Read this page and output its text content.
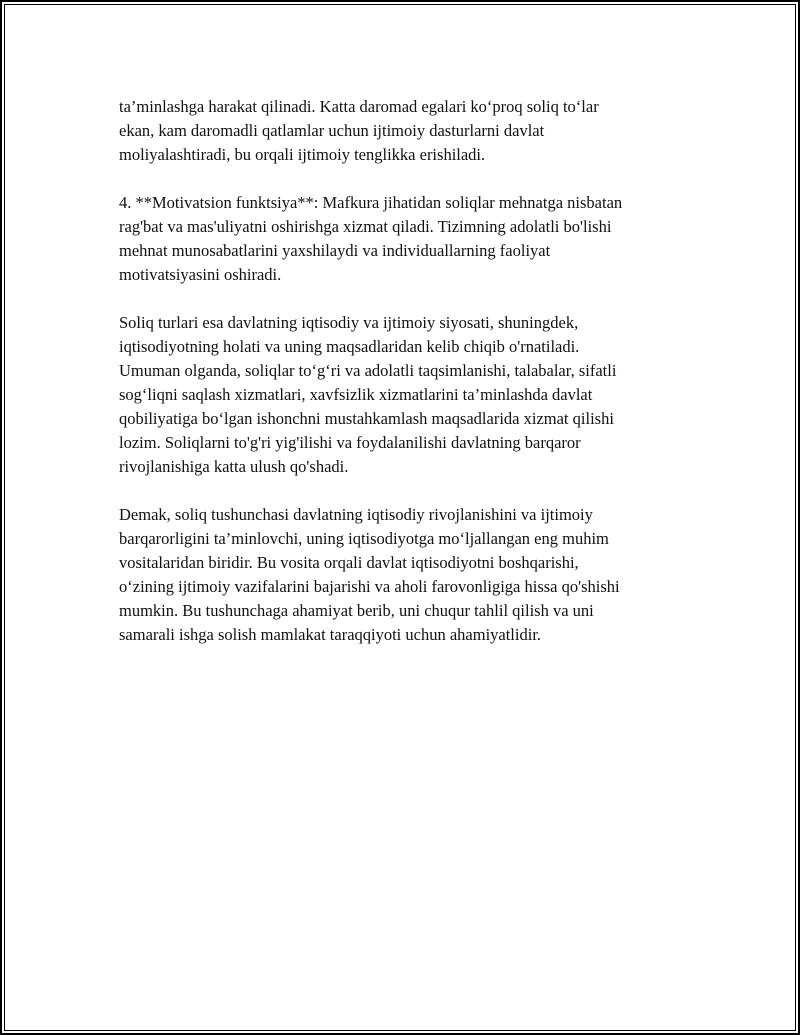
ta’minlashga harakat qilinadi. Katta daromad egalari ko‘proq soliq to‘lar
ekan, kam daromadli qatlamlar uchun ijtimoiy dasturlarni davlat
moliyalashtiradi, bu orqali ijtimoiy tenglikka erishiladi.

4. **Motivatsion funktsiya**: Mafkura jihatidan soliqlar mehnatga nisbatan
rag'bat va mas'uliyatni oshirishga xizmat qiladi. Tizimning adolatli bo'lishi
mehnat munosabatlarini yaxshilaydi va individuallarning faoliyat
motivatsiyasini oshiradi.

Soliq turlari esa davlatning iqtisodiy va ijtimoiy siyosati, shuningdek,
iqtisodiyotning holati va uning maqsadlaridan kelib chiqib o'rnatiladi.
Umuman olganda, soliqlar to‘g‘ri va adolatli taqsimlanishi, talabalar, sifatli
sog‘liqni saqlash xizmatlari, xavfsizlik xizmatlarini ta’minlashda davlat
qobiliyatiga bo‘lgan ishonchni mustahkamlash maqsadlarida xizmat qilishi
lozim. Soliqlarni to'g'ri yig'ilishi va foydalanilishi davlatning barqaror
rivojlanishiga katta ulush qo'shadi.

Demak, soliq tushunchasi davlatning iqtisodiy rivojlanishini va ijtimoiy
barqarorligini ta’minlovchi, uning iqtisodiyotga mo‘ljallangan eng muhim
vositalaridan biridir. Bu vosita orqali davlat iqtisodiyotni boshqarishi,
o‘zining ijtimoiy vazifalarini bajarishi va aholi farovonligiga hissa qo'shishi
mumkin. Bu tushunchaga ahamiyat berib, uni chuqur tahlil qilish va uni
samarali ishga solish mamlakat taraqqiyoti uchun ahamiyatlidir.
